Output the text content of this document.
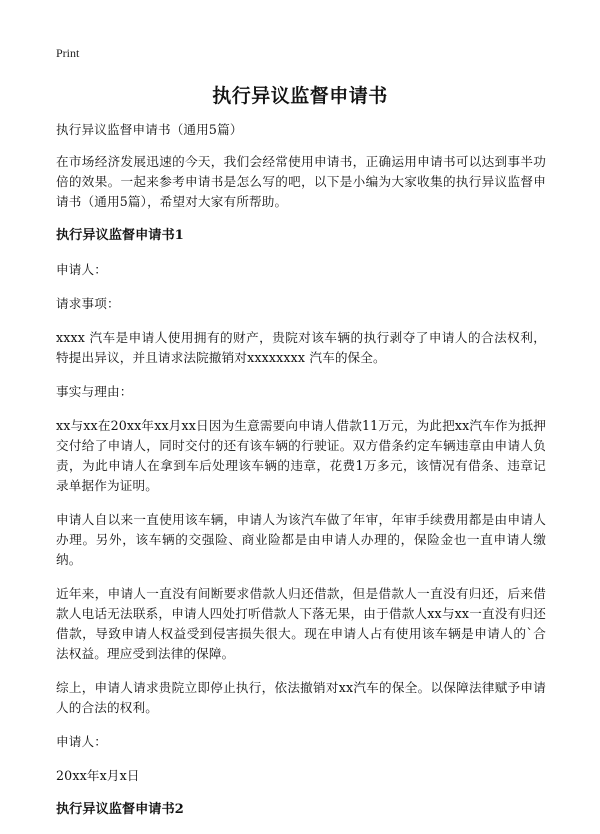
Print
执行异议监督申请书

执行异议监督申请书（通用5篇）

在市场经济发展迅速的今天，我们会经常使用申请书，正确运用申请书可以达到事半功倍的效果。一起来参考申请书是怎么写的吧，以下是小编为大家收集的执行异议监督申请书（通用5篇），希望对大家有所帮助。

执行异议监督申请书1

申请人：

请求事项：

xxxx 汽车是申请人使用拥有的财产，贵院对该车辆的执行剥夺了申请人的合法权利，特提出异议，并且请求法院撤销对xxxxxxxx 汽车的保全。

事实与理由：

xx与xx在20xx年xx月xx日因为生意需要向申请人借款11万元，为此把xx汽车作为抵押交付给了申请人，同时交付的还有该车辆的行驶证。双方借条约定车辆违章由申请人负责，为此申请人在拿到车后处理该车辆的违章，花费1万多元，该情况有借条、违章记录单据作为证明。

申请人自以来一直使用该车辆，申请人为该汽车做了年审，年审手续费用都是由申请人办理。另外，该车辆的交强险、商业险都是由申请人办理的，保险金也一直申请人缴纳。

近年来，申请人一直没有间断要求借款人归还借款，但是借款人一直没有归还，后来借款人电话无法联系，申请人四处打听借款人下落无果，由于借款人xx与xx一直没有归还借款，导致申请人权益受到侵害损失很大。现在申请人占有使用该车辆是申请人的`合法权益。理应受到法律的保障。

综上，申请人请求贵院立即停止执行，依法撤销对xx汽车的保全。以保障法律赋予申请人的合法的权利。

申请人：

20xx年x月x日

执行异议监督申请书2
